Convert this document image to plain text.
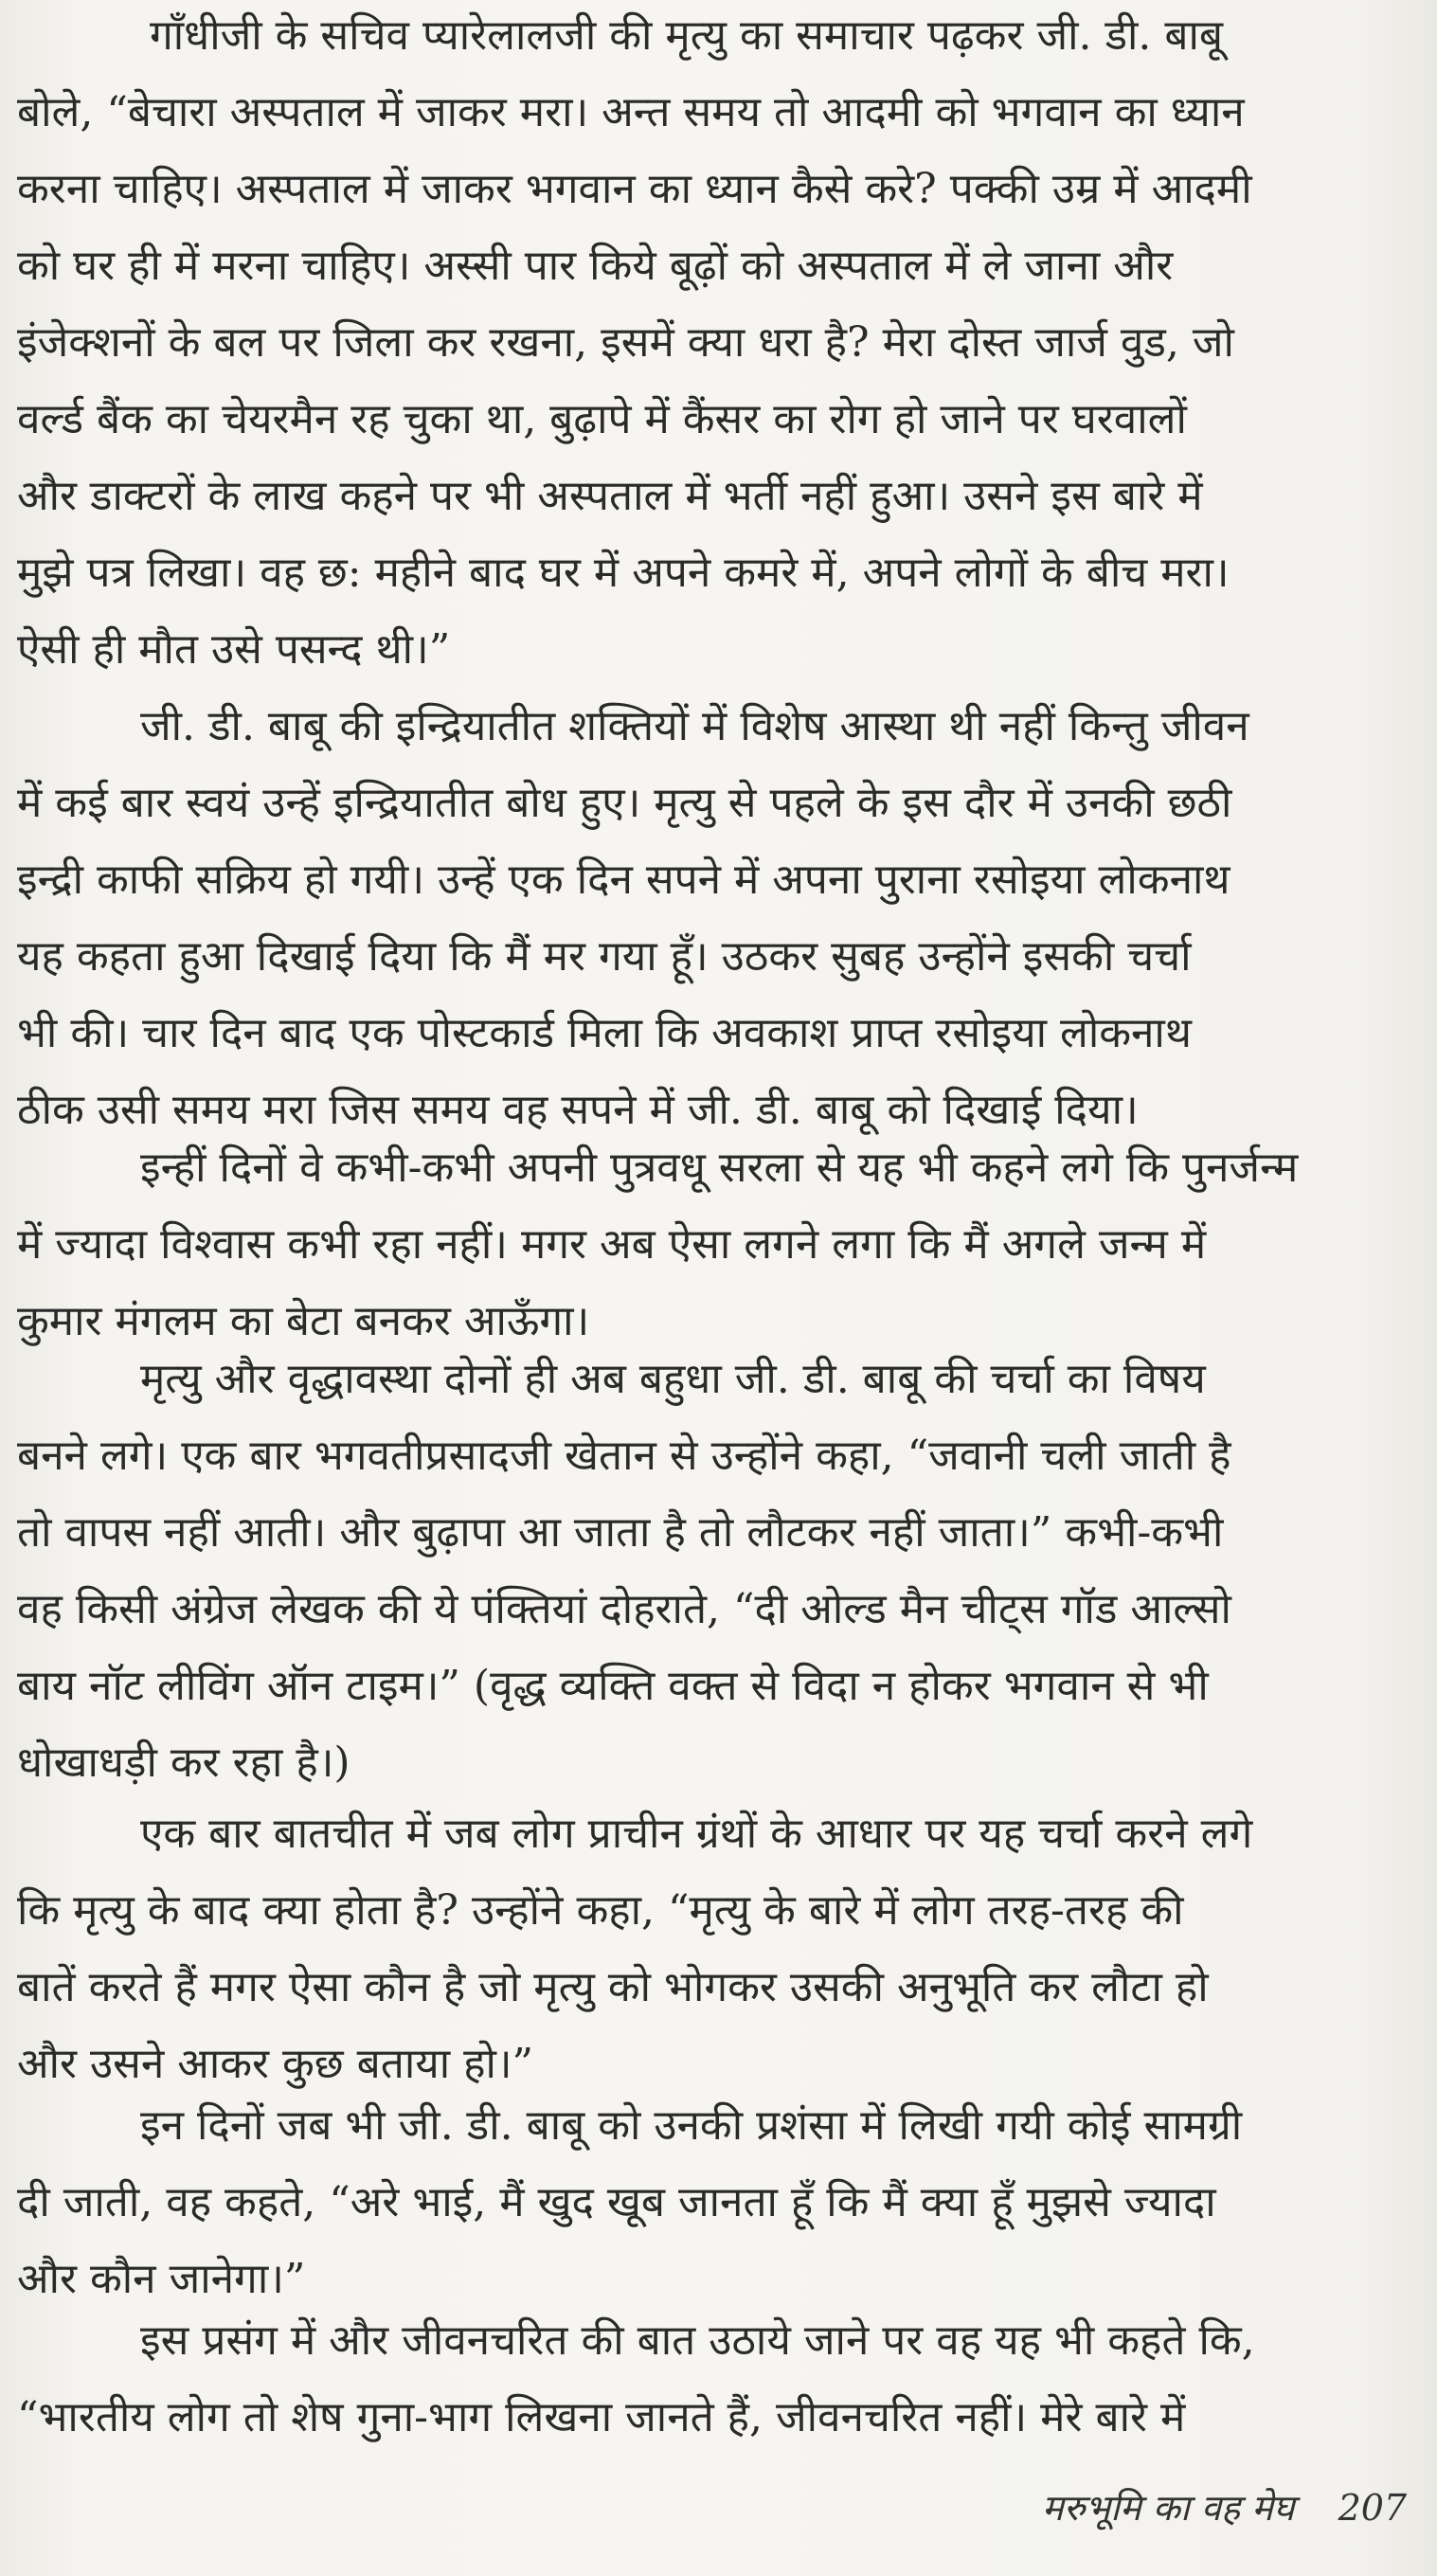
गाँधीजी के सचिव प्यारेलालजी की मृत्यु का समाचार पढ़कर जी. डी. बाबू
बोले, “बेचारा अस्पताल में जाकर मरा। अन्त समय तो आदमी को भगवान का ध्यान
करना चाहिए। अस्पताल में जाकर भगवान का ध्यान कैसे करे? पक्की उम्र में आदमी
को घर ही में मरना चाहिए। अस्सी पार किये बूढ़ों को अस्पताल में ले जाना और
इंजेक्शनों के बल पर जिला कर रखना, इसमें क्या धरा है? मेरा दोस्त जार्ज वुड, जो
वर्ल्ड बैंक का चेयरमैन रह चुका था, बुढ़ापे में कैंसर का रोग हो जाने पर घरवालों
और डाक्टरों के लाख कहने पर भी अस्पताल में भर्ती नहीं हुआ। उसने इस बारे में
मुझे पत्र लिखा। वह छ: महीने बाद घर में अपने कमरे में, अपने लोगों के बीच मरा।
ऐसी ही मौत उसे पसन्द थी।”
जी. डी. बाबू की इन्द्रियातीत शक्तियों में विशेष आस्था थी नहीं किन्तु जीवन
में कई बार स्वयं उन्हें इन्द्रियातीत बोध हुए। मृत्यु से पहले के इस दौर में उनकी छठी
इन्द्री काफी सक्रिय हो गयी। उन्हें एक दिन सपने में अपना पुराना रसोइया लोकनाथ
यह कहता हुआ दिखाई दिया कि मैं मर गया हूँ। उठकर सुबह उन्होंने इसकी चर्चा
भी की। चार दिन बाद एक पोस्टकार्ड मिला कि अवकाश प्राप्त रसोइया लोकनाथ
ठीक उसी समय मरा जिस समय वह सपने में जी. डी. बाबू को दिखाई दिया।
इन्हीं दिनों वे कभी-कभी अपनी पुत्रवधू सरला से यह भी कहने लगे कि पुनर्जन्म
में ज्यादा विश्वास कभी रहा नहीं। मगर अब ऐसा लगने लगा कि मैं अगले जन्म में
कुमार मंगलम का बेटा बनकर आऊँगा।
मृत्यु और वृद्धावस्था दोनों ही अब बहुधा जी. डी. बाबू की चर्चा का विषय
बनने लगे। एक बार भगवतीप्रसादजी खेतान से उन्होंने कहा, “जवानी चली जाती है
तो वापस नहीं आती। और बुढ़ापा आ जाता है तो लौटकर नहीं जाता।” कभी-कभी
वह किसी अंग्रेज लेखक की ये पंक्तियां दोहराते, “दी ओल्ड मैन चीट्स गॉड आल्सो
बाय नॉट लीविंग ऑन टाइम।” (वृद्ध व्यक्ति वक्त से विदा न होकर भगवान से भी
धोखाधड़ी कर रहा है।)
एक बार बातचीत में जब लोग प्राचीन ग्रंथों के आधार पर यह चर्चा करने लगे
कि मृत्यु के बाद क्या होता है? उन्होंने कहा, “मृत्यु के बारे में लोग तरह-तरह की
बातें करते हैं मगर ऐसा कौन है जो मृत्यु को भोगकर उसकी अनुभूति कर लौटा हो
और उसने आकर कुछ बताया हो।”
इन दिनों जब भी जी. डी. बाबू को उनकी प्रशंसा में लिखी गयी कोई सामग्री
दी जाती, वह कहते, “अरे भाई, मैं खुद खूब जानता हूँ कि मैं क्या हूँ मुझसे ज्यादा
और कौन जानेगा।”
इस प्रसंग में और जीवनचरित की बात उठाये जाने पर वह यह भी कहते कि,
“भारतीय लोग तो शेष गुना-भाग लिखना जानते हैं, जीवनचरित नहीं। मेरे बारे में
मरुभूमि का वह मेघ 207
